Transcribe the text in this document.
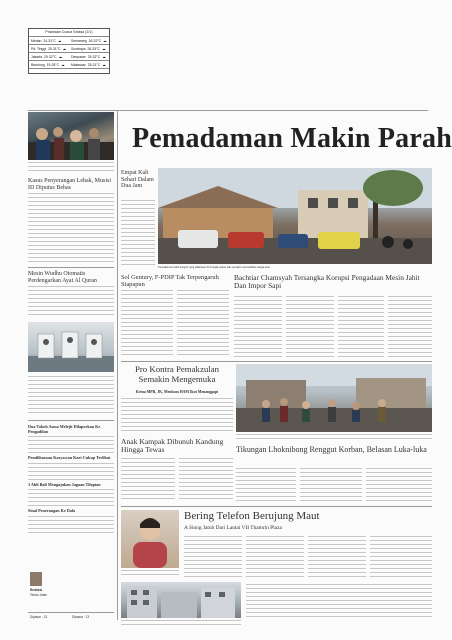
Prakiraan Cuaca Selasa (2/1)
Medan 24-31°C ☁	Semarang 26-32°C ☁
Pd. Tinggi 25-31°C ☁ Surabaya 26-33°C ☁
Jakarta 25-32°C ☁	Denpasar 25-32°C ☁
Bandung 19-28°C ☁ Makassar 25-31°C ☁
Pemadaman Makin Parah
Kasus Penyerangan Lebak, Musisi ID Diputus Bebas
Mesin Wudhu Otomatis Perdengarkan Ayat Al Quran
Dua Tokoh Asma Melejit Dilaporkan Ke Pengadilan
Pemiliharaan Karyawan Kaet Cukup Terlibat
3 Ahli Bali Mengajukan Jagaan Tilapian
Sinal Penerangan Ke Dala
Redaksi
Tekan Jalan
Dipasar : 13	Dipasar : 13
Empat Kali Sehari Dalam Dua Jam
Pemadaman listrik bergilir yang dilakukan PLN sejak pekan lalu semakin meresahkan warga kota
Sol Gentury, F-PDIP Tak Terpengaruh Siapapun
Bachtiar Chamsyah Tersangka Korupsi Pengadaan Mesin Jahit Dan Impor Sapi
Pro Kontra Pemakzulan Semakin Mengemuka
Ketua MPR, JK, Menkum HAM Ikut Menanggapi
Tikungan Lhoknibong Renggut Korban, Belasan Luka-luka
Anak Kampak Dibunuh Kandung Hingga Tewas
Bering Telefon Berujung Maut
A Siong Jatuh Dari Lantai VII Thamrin Plaza
